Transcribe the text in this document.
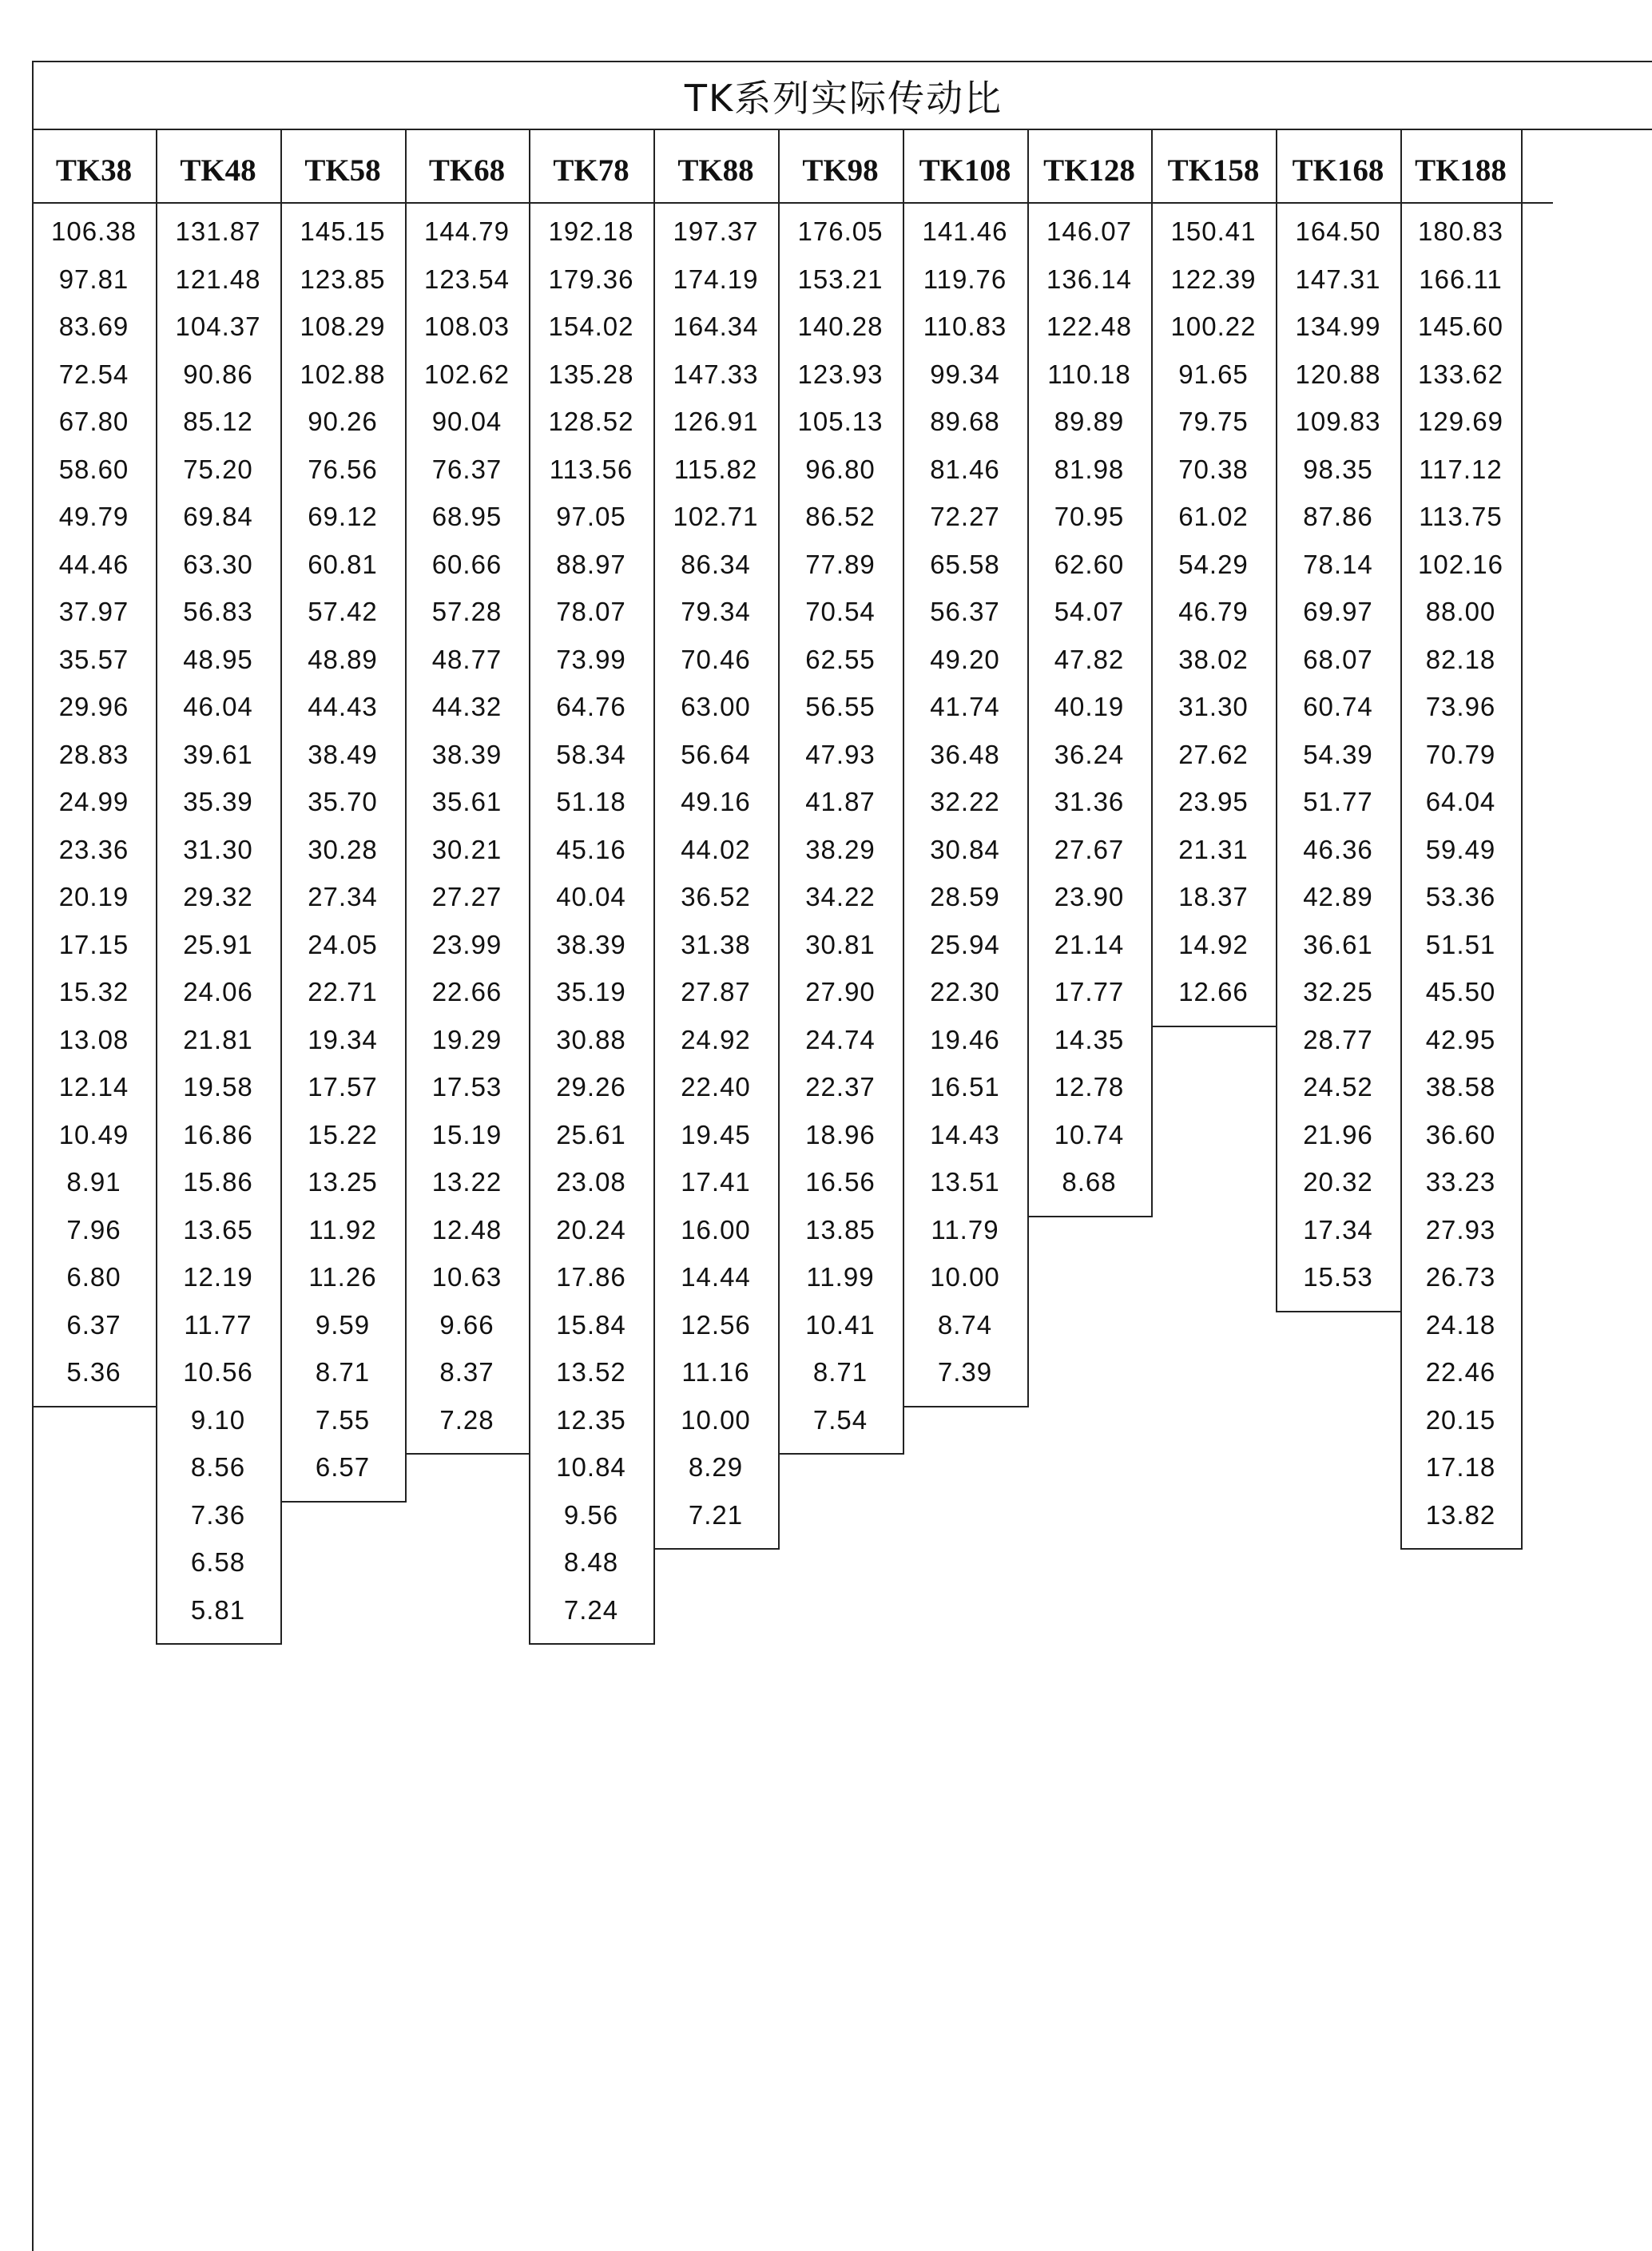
TK系列实际传动比
TK38
106.38
97.81
83.69
72.54
67.80
58.60
49.79
44.46
37.97
35.57
29.96
28.83
24.99
23.36
20.19
17.15
15.32
13.08
12.14
10.49
8.91
7.96
6.80
6.37
5.36
TK48
131.87
121.48
104.37
90.86
85.12
75.20
69.84
63.30
56.83
48.95
46.04
39.61
35.39
31.30
29.32
25.91
24.06
21.81
19.58
16.86
15.86
13.65
12.19
11.77
10.56
9.10
8.56
7.36
6.58
5.81
TK58
145.15
123.85
108.29
102.88
90.26
76.56
69.12
60.81
57.42
48.89
44.43
38.49
35.70
30.28
27.34
24.05
22.71
19.34
17.57
15.22
13.25
11.92
11.26
9.59
8.71
7.55
6.57
TK68
144.79
123.54
108.03
102.62
90.04
76.37
68.95
60.66
57.28
48.77
44.32
38.39
35.61
30.21
27.27
23.99
22.66
19.29
17.53
15.19
13.22
12.48
10.63
9.66
8.37
7.28
TK78
192.18
179.36
154.02
135.28
128.52
113.56
97.05
88.97
78.07
73.99
64.76
58.34
51.18
45.16
40.04
38.39
35.19
30.88
29.26
25.61
23.08
20.24
17.86
15.84
13.52
12.35
10.84
9.56
8.48
7.24
TK88
197.37
174.19
164.34
147.33
126.91
115.82
102.71
86.34
79.34
70.46
63.00
56.64
49.16
44.02
36.52
31.38
27.87
24.92
22.40
19.45
17.41
16.00
14.44
12.56
11.16
10.00
8.29
7.21
TK98
176.05
153.21
140.28
123.93
105.13
96.80
86.52
77.89
70.54
62.55
56.55
47.93
41.87
38.29
34.22
30.81
27.90
24.74
22.37
18.96
16.56
13.85
11.99
10.41
8.71
7.54
TK108
141.46
119.76
110.83
99.34
89.68
81.46
72.27
65.58
56.37
49.20
41.74
36.48
32.22
30.84
28.59
25.94
22.30
19.46
16.51
14.43
13.51
11.79
10.00
8.74
7.39
TK128
146.07
136.14
122.48
110.18
89.89
81.98
70.95
62.60
54.07
47.82
40.19
36.24
31.36
27.67
23.90
21.14
17.77
14.35
12.78
10.74
8.68
TK158
150.41
122.39
100.22
91.65
79.75
70.38
61.02
54.29
46.79
38.02
31.30
27.62
23.95
21.31
18.37
14.92
12.66
TK168
164.50
147.31
134.99
120.88
109.83
98.35
87.86
78.14
69.97
68.07
60.74
54.39
51.77
46.36
42.89
36.61
32.25
28.77
24.52
21.96
20.32
17.34
15.53
TK188
180.83
166.11
145.60
133.62
129.69
117.12
113.75
102.16
88.00
82.18
73.96
70.79
64.04
59.49
53.36
51.51
45.50
42.95
38.58
36.60
33.23
27.93
26.73
24.18
22.46
20.15
17.18
13.82
